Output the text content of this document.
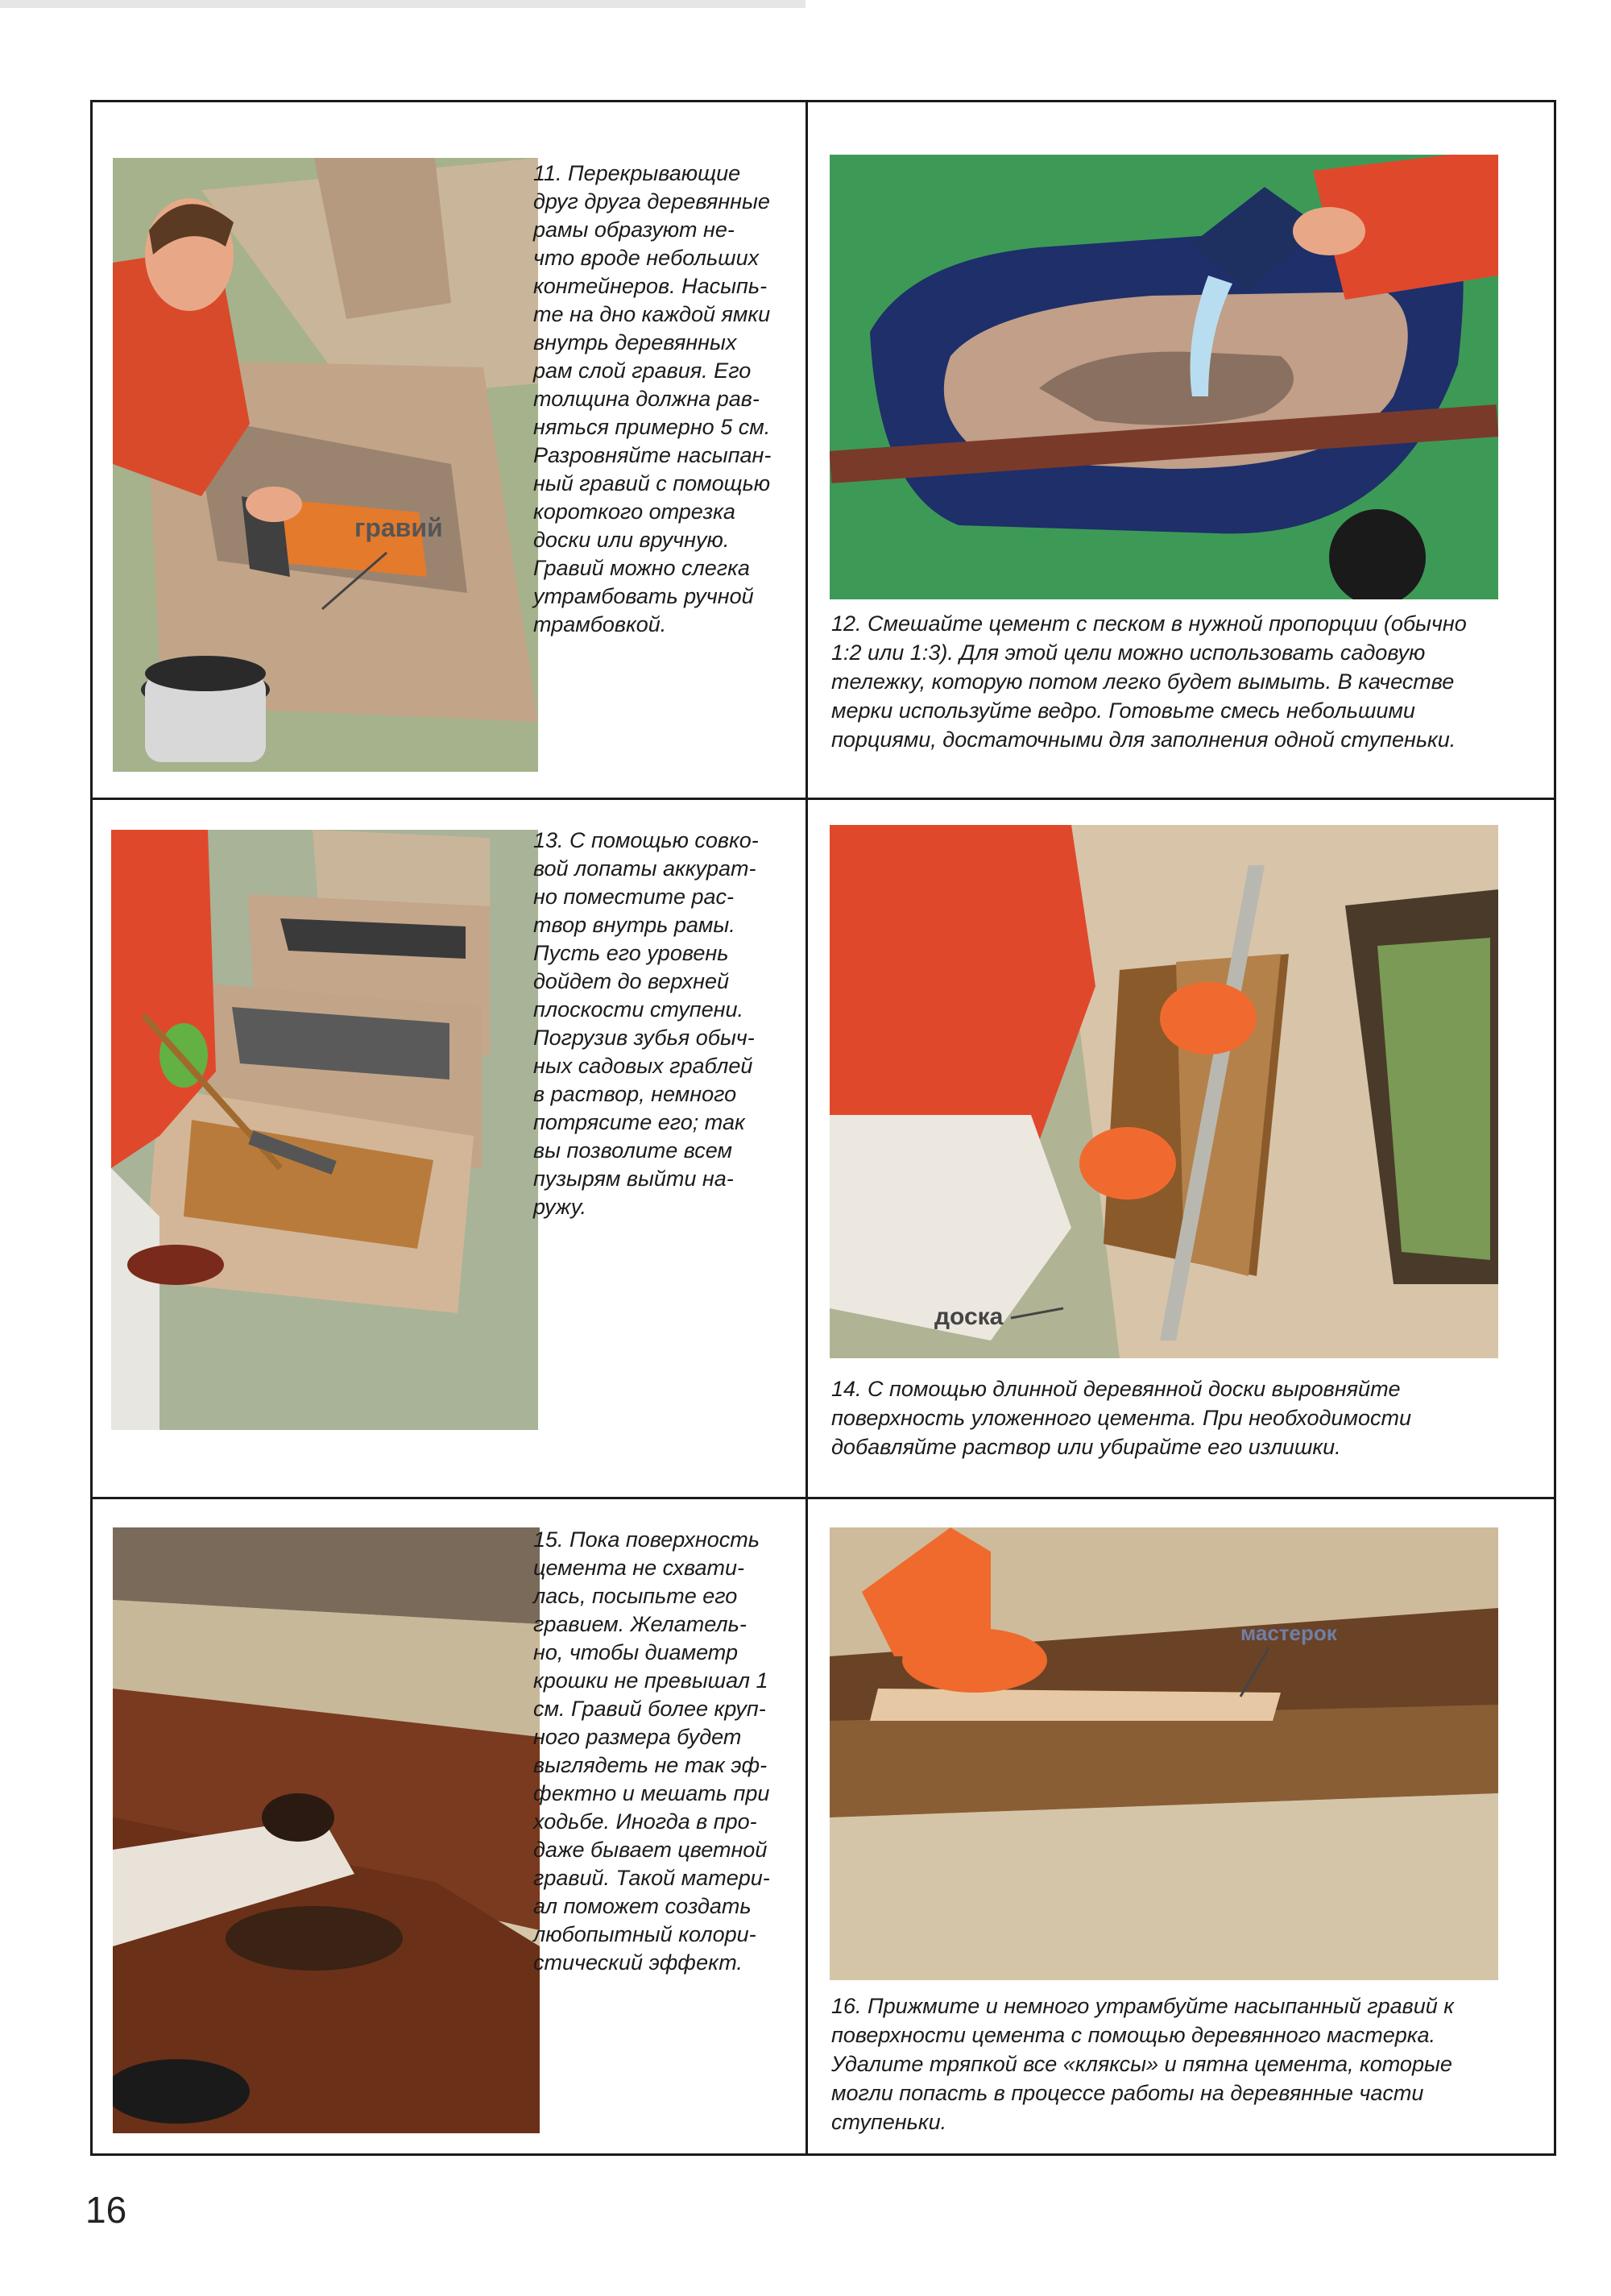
гравий
11. Перекрывающие
друг друга деревянные
рамы образуют не-
что вроде небольших
контейнеров. Насыпь-
те на дно каждой ямки
внутрь деревянных
рам слой гравия. Его
толщина должна рав-
няться примерно 5 см.
Разровняйте насыпан-
ный гравий с помощью
короткого отрезка
доски или вручную.
Гравий можно слегка
утрамбовать ручной
трамбовкой.	12. Смешайте цемент с песком в нужной пропорции (обычно 1:2 или 1:3). Для этой цели можно использовать садовую тележку, которую потом легко будет вымыть. В качестве мерки используйте ведро. Готовьте смесь небольшими порциями, достаточными для заполнения одной ступеньки.
13. С помощью совко-
вой лопаты аккурат-
но поместите рас-
твор внутрь рамы.
Пусть его уровень
дойдет до верхней
плоскости ступени.
Погрузив зубья обыч-
ных садовых граблей
в раствор, немного
потрясите его; так
вы позволите всем
пузырям выйти на-
ружу.
доска
14. С помощью длинной деревянной доски выровняйте поверхность уложенного цемента. При необходимости добавляйте раствор или убирайте его излишки.
15. Пока поверхность
цемента не схвати-
лась, посыпьте его
гравием. Желатель-
но, чтобы диаметр
крошки не превышал 1
см. Гравий более круп-
ного размера будет
выглядеть не так эф-
фектно и мешать при
ходьбе. Иногда в про-
даже бывает цветной
гравий. Такой матери-
ал поможет создать
любопытный колори-
стический эффект.
мастерок
16. Прижмите и немного утрамбуйте насыпанный гравий к поверхности цемента с помощью деревянного мастерка. Удалите тряпкой все «кляксы» и пятна цемента, которые могли попасть в процессе работы на деревянные части ступеньки.
16
